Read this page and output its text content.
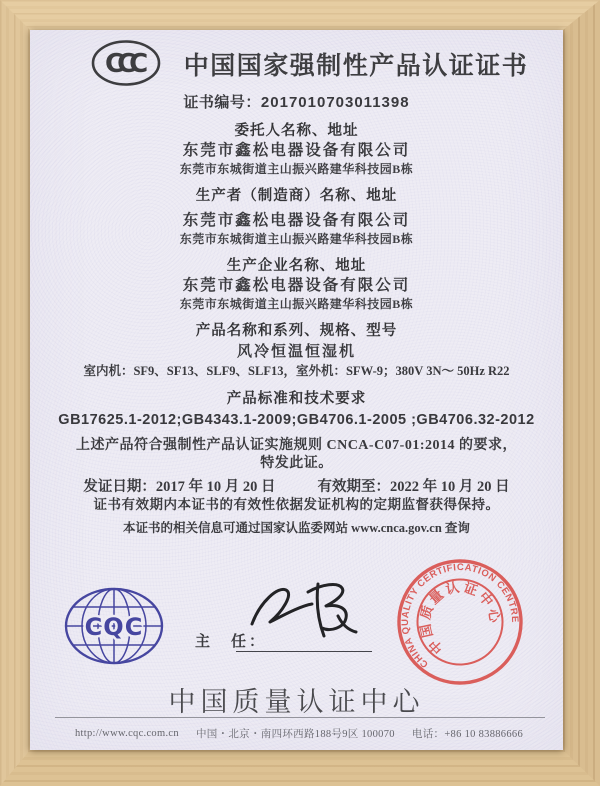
CCC	中国国家强制性产品认证证书
证书编号：2017010703011398
委托人名称、地址
东莞市鑫松电器设备有限公司
东莞市东城街道主山振兴路建华科技园B栋
生产者（制造商）名称、地址
东莞市鑫松电器设备有限公司
东莞市东城街道主山振兴路建华科技园B栋
生产企业名称、地址
东莞市鑫松电器设备有限公司
东莞市东城街道主山振兴路建华科技园B栋
产品名称和系列、规格、型号
风冷恒温恒湿机
室内机：SF9、SF13、SLF9、SLF13，室外机：SFW-9；380V 3N～ 50Hz R22
产品标准和技术要求
GB17625.1-2012;GB4343.1-2009;GB4706.1-2005 ;GB4706.32-2012
上述产品符合强制性产品认证实施规则 CNCA-C07-01:2014 的要求，
特发此证。
发证日期：2017 年 10 月 20 日	有效期至：2022 年 10 月 20 日
证书有效期内本证书的有效性依据发证机构的定期监督获得保持。
本证书的相关信息可通过国家认监委网站 www.cnca.gov.cn 查询
CQC
主　任：
CHINA QUALITY CERTIFICATION CENTRE
中国质量认证中心
中国质量认证中心
http://www.cqc.com.cn	中国・北京・南四环西路188号9区 100070	电话：+86 10 83886666
